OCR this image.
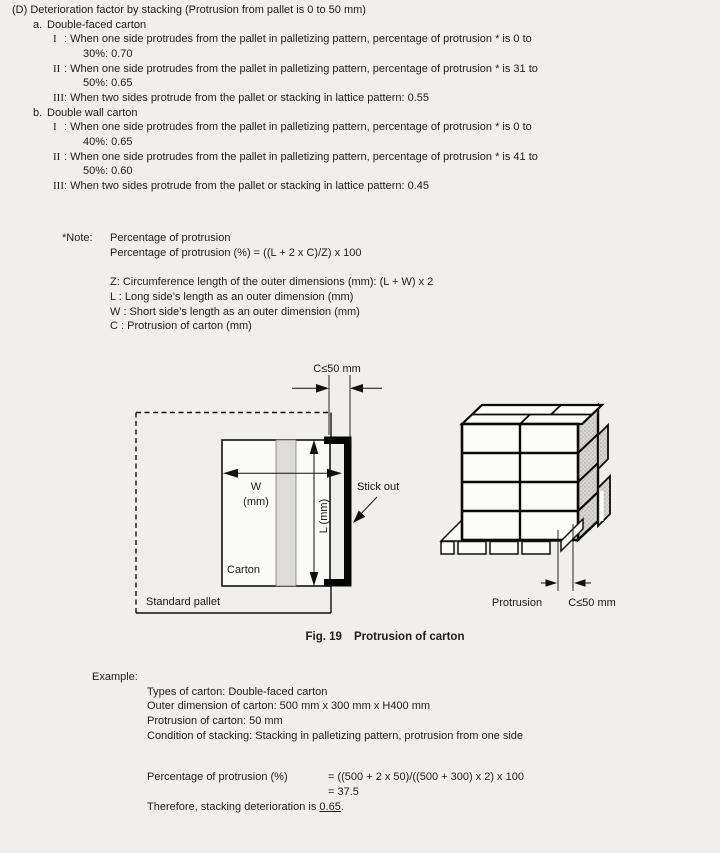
(D) Deterioration factor by stacking (Protrusion from pallet is 0 to 50 mm)
a. Double-faced carton
I : When one side protrudes from the pallet in palletizing pattern, percentage of protrusion * is 0 to
30%: 0.70
II : When one side protrudes from the pallet in palletizing pattern, percentage of protrusion * is 31 to
50%: 0.65
III: When two sides protrude from the pallet or stacking in lattice pattern: 0.55
b. Double wall carton
I : When one side protrudes from the pallet in palletizing pattern, percentage of protrusion * is 0 to
40%: 0.65
II : When one side protrudes from the pallet in palletizing pattern, percentage of protrusion * is 41 to
50%: 0.60
III: When two sides protrude from the pallet or stacking in lattice pattern: 0.45
*Note: Percentage of protrusion
Percentage of protrusion (%) = ((L + 2 x C)/Z) x 100
Z: Circumference length of the outer dimensions (mm): (L + W) x 2
L : Long side’s length as an outer dimension (mm)
W : Short side’s length as an outer dimension (mm)
C : Protrusion of carton (mm)
W
(mm)	L (mm)
C≤50 mm
Stick out
Carton
Standard pallet	Protrusion C≤50 mm
Fig. 19 Protrusion of carton
Example:
Types of carton: Double-faced carton
Outer dimension of carton: 500 mm x 300 mm x H400 mm
Protrusion of carton: 50 mm
Condition of stacking: Stacking in palletizing pattern, protrusion from one side
Percentage of protrusion (%)	= ((500 + 2 x 50)/((500 + 300) x 2) x 100
= 37.5
Therefore, stacking deterioration is 0.65.
